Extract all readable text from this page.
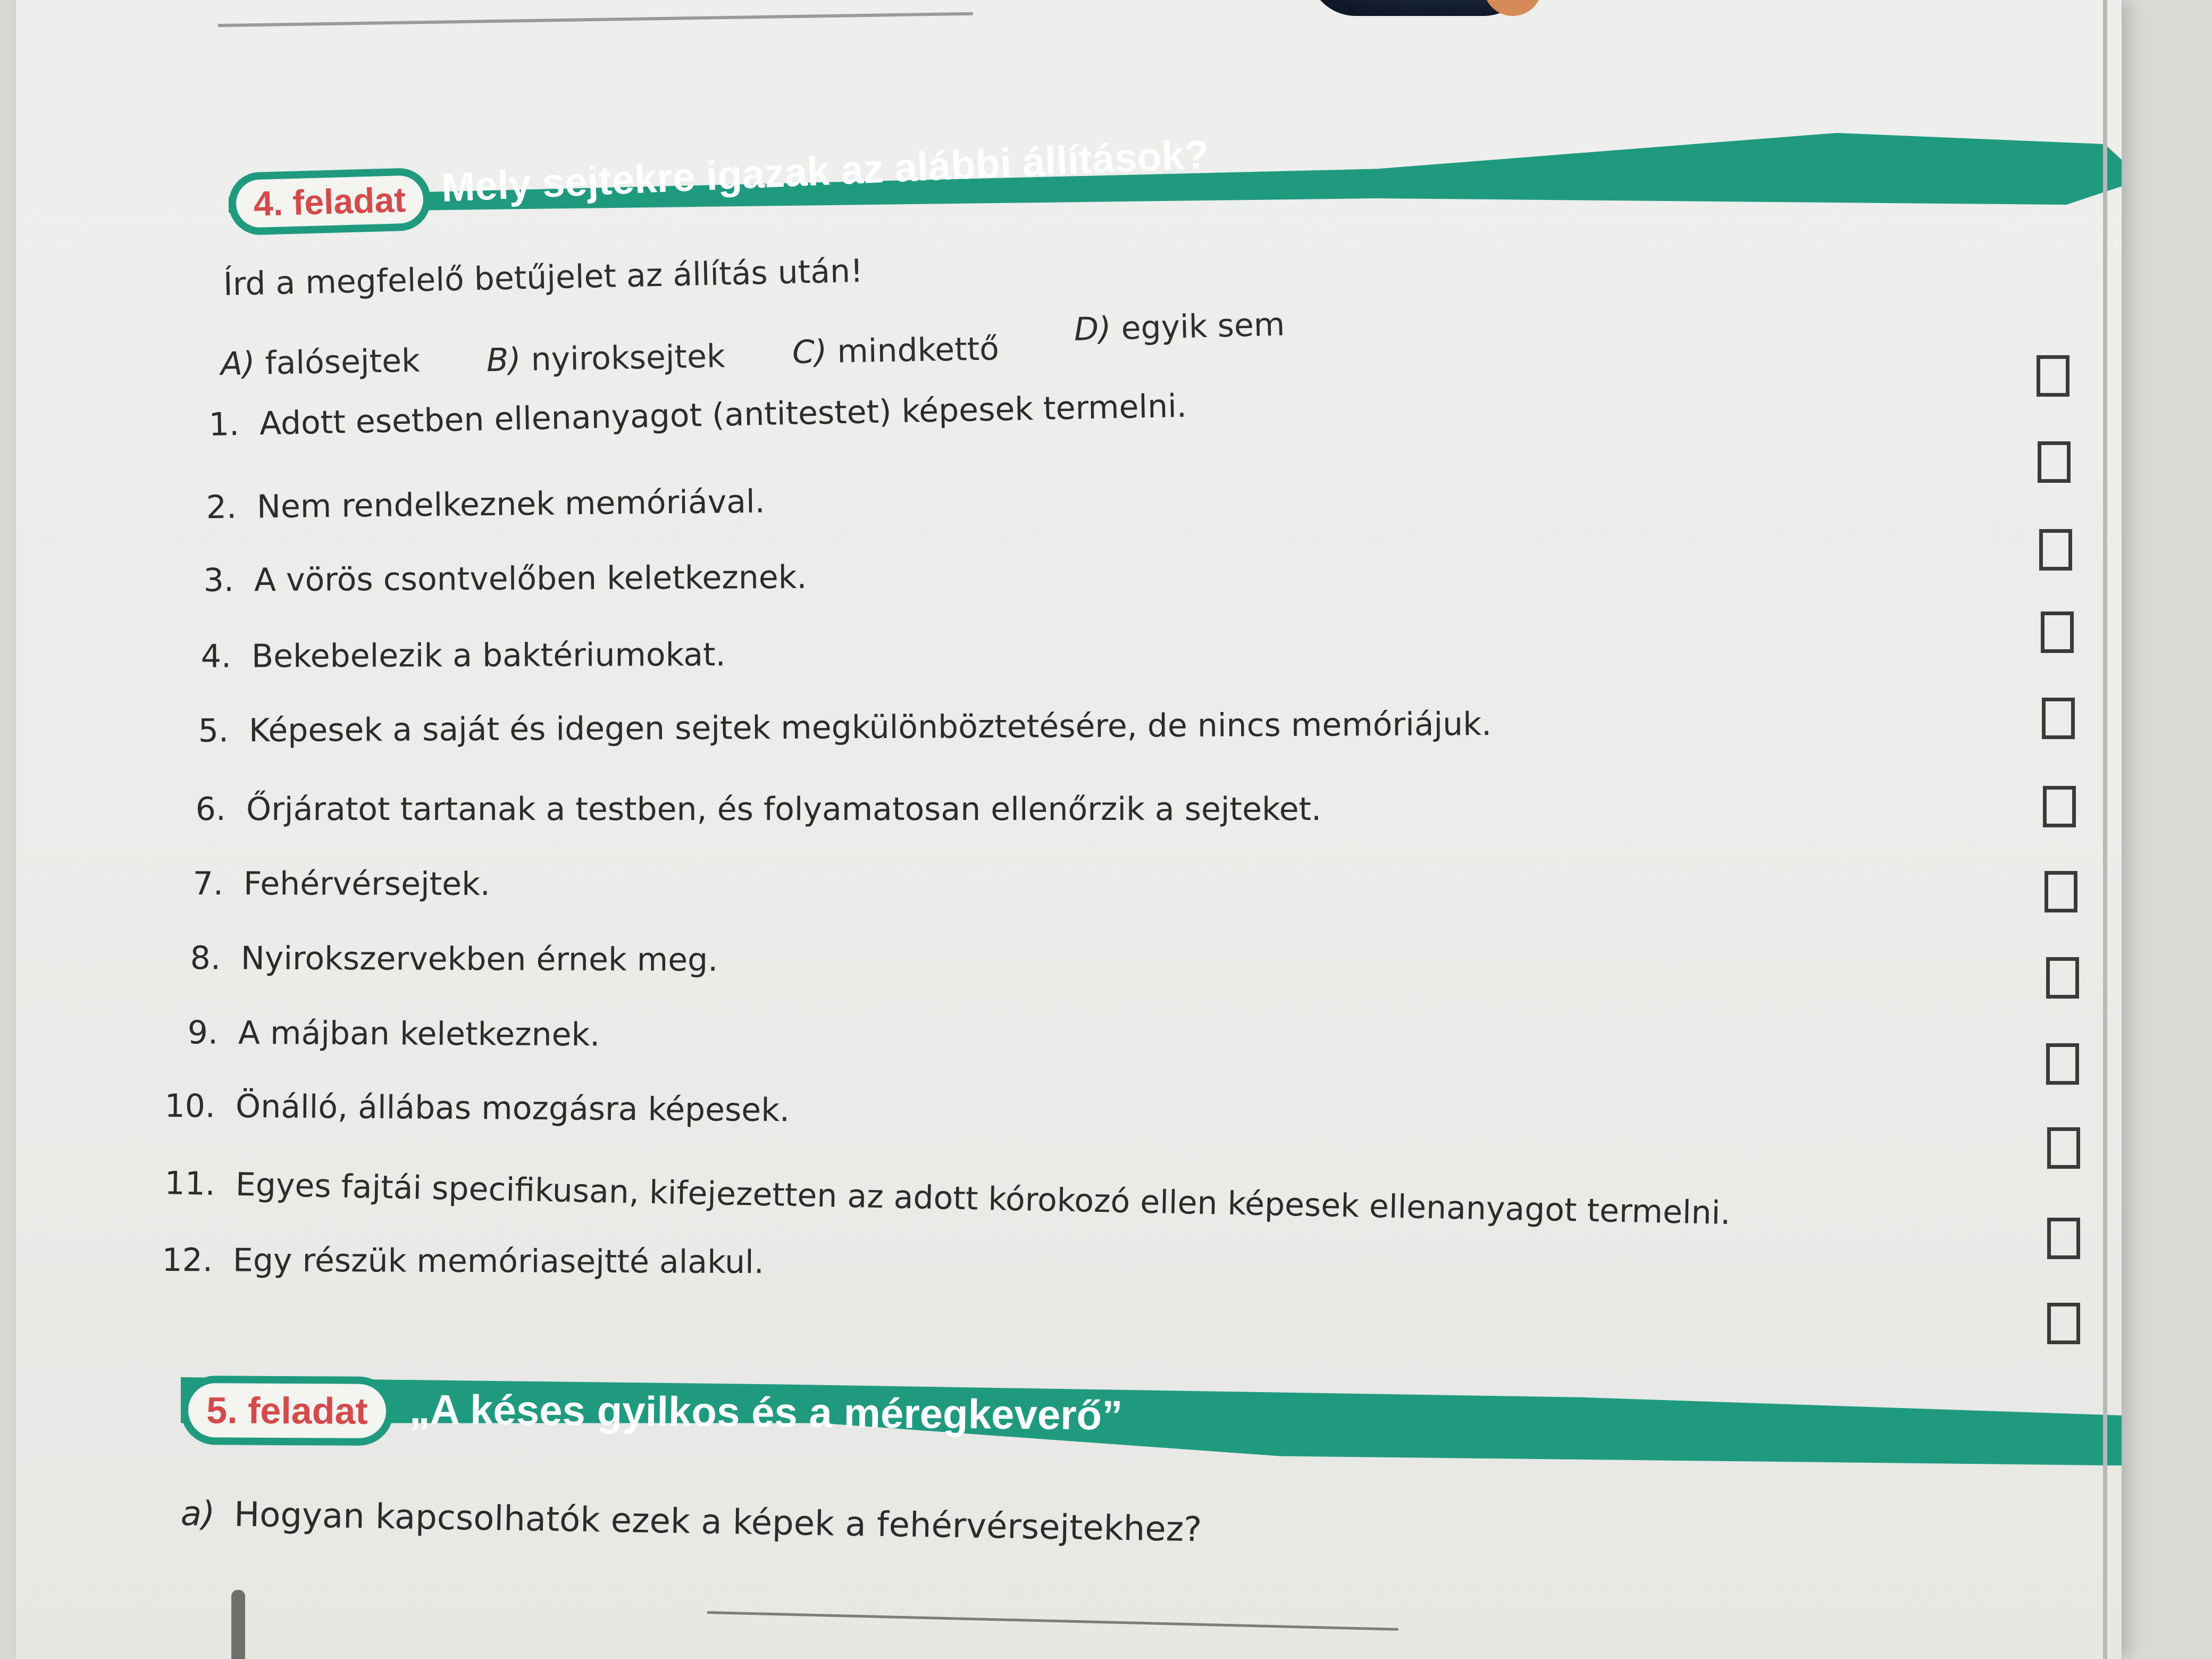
4. feladat Mely sejtekre igazak az alábbi állítások?
Írd a megfelelő betűjelet az állítás után!
A) falósejtek B) nyiroksejtek C) mindkettő
D) egyik sem
1. Adott esetben ellenanyagot (antitestet) képesek termelni.
2. Nem rendelkeznek memóriával.
3. A vörös csontvelőben keletkeznek.
4. Bekebelezik a baktériumokat.
5. Képesek a saját és idegen sejtek megkülönböztetésére, de nincs memóriájuk.
6. Őrjáratot tartanak a testben, és folyamatosan ellenőrzik a sejteket.
7. Fehérvérsejtek.
8. Nyirokszervekben érnek meg.
9. A májban keletkeznek.
10. Önálló, állábas mozgásra képesek.
11. Egyes fajtái specifikusan, kifejezetten az adott kórokozó ellen képesek ellenanyagot termelni.
12. Egy részük memóriasejtté alakul.
5. feladat „A késes gyilkos és a méregkeverő”
a) Hogyan kapcsolhatók ezek a képek a fehérvérsejtekhez?
